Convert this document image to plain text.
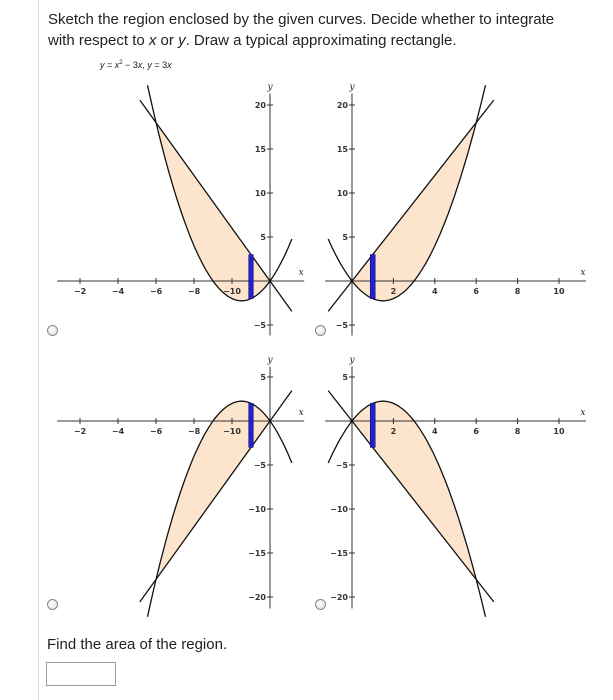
Sketch the region enclosed by the given curves. Decide whether to integrate
with respect to x or y. Draw a typical approximating rectangle.

$y = x^2 - 3x$, y = 3x
−10
−8
−6
−4
−2
20
15
10
5
−5
y
x
2	4	6	8	10
20
15
10
5
−5
y
x
−10
−8
−6
−4
−2
5
−5
−10
−15
−20
y
x
2	4	6	8	10
5
−5
−10
−15
−20
y
x
Find the area of the region.
